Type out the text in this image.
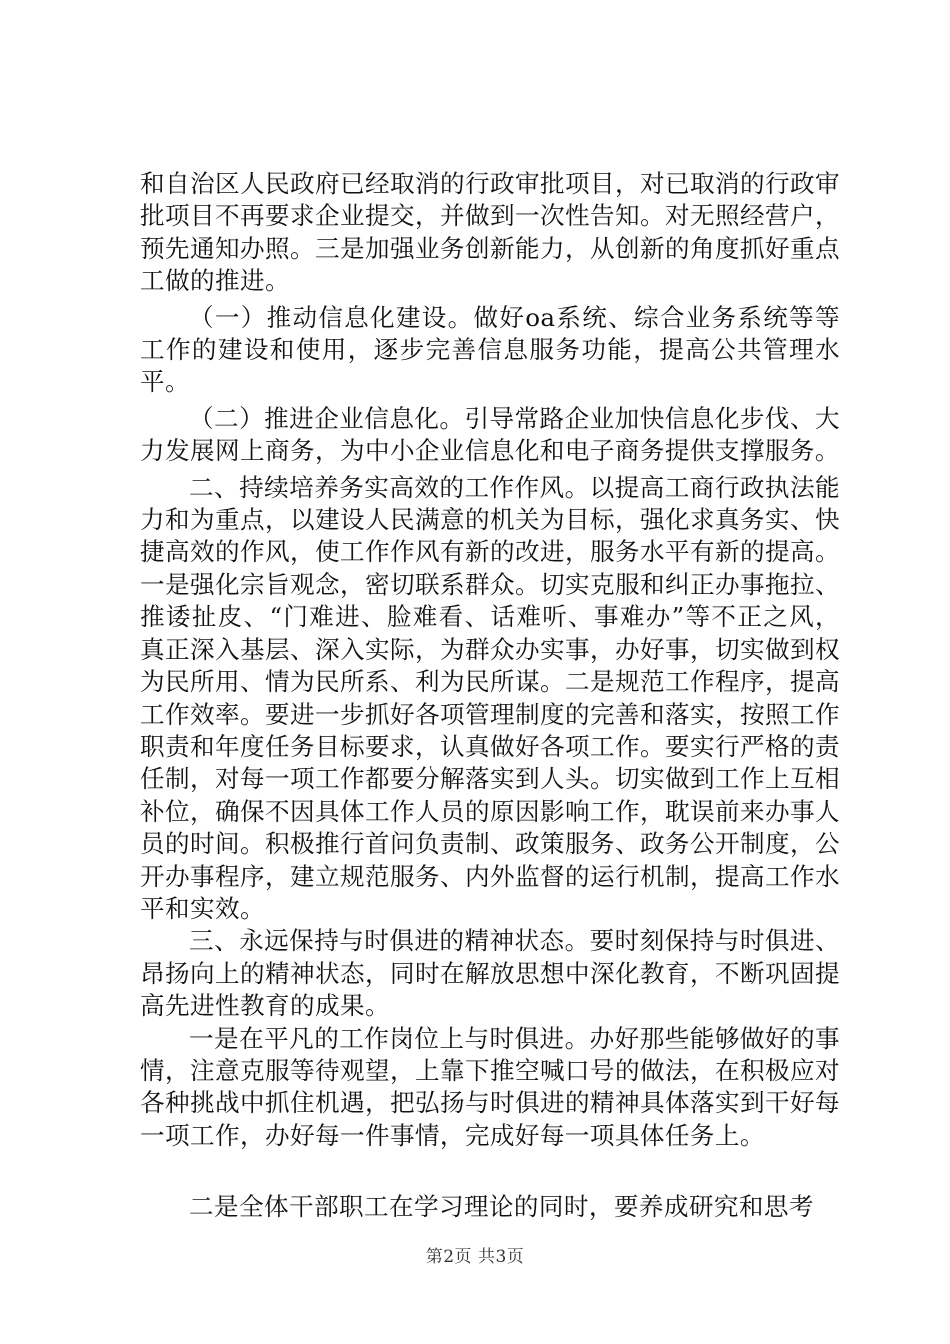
和自治区人民政府已经取消的行政审批项目，对已取消的行政审批项目不再要求企业提交，并做到一次性告知。对无照经营户，预先通知办照。三是加强业务创新能力，从创新的角度抓好重点工做的推进。

（一）推动信息化建设。做好oa系统、综合业务系统等等工作的建设和使用，逐步完善信息服务功能，提高公共管理水平。

（二）推进企业信息化。引导常路企业加快信息化步伐、大力发展网上商务，为中小企业信息化和电子商务提供支撑服务。

二、持续培养务实高效的工作作风。以提高工商行政执法能力和为重点，以建设人民满意的机关为目标，强化求真务实、快捷高效的作风，使工作作风有新的改进，服务水平有新的提高。一是强化宗旨观念，密切联系群众。切实克服和纠正办事拖拉、推诿扯皮、“门难进、脸难看、话难听、事难办”等不正之风，真正深入基层、深入实际，为群众办实事，办好事，切实做到权为民所用、情为民所系、利为民所谋。二是规范工作程序，提高工作效率。要进一步抓好各项管理制度的完善和落实，按照工作职责和年度任务目标要求，认真做好各项工作。要实行严格的责任制，对每一项工作都要分解落实到人头。切实做到工作上互相补位，确保不因具体工作人员的原因影响工作，耽误前来办事人员的时间。积极推行首问负责制、政策服务、政务公开制度，公开办事程序，建立规范服务、内外监督的运行机制，提高工作水平和实效。

三、永远保持与时俱进的精神状态。要时刻保持与时俱进、昂扬向上的精神状态，同时在解放思想中深化教育，不断巩固提高先进性教育的成果。

一是在平凡的工作岗位上与时俱进。办好那些能够做好的事情，注意克服等待观望，上靠下推空喊口号的做法，在积极应对各种挑战中抓住机遇，把弘扬与时俱进的精神具体落实到干好每一项工作，办好每一件事情，完成好每一项具体任务上。

二是全体干部职工在学习理论的同时，要养成研究和思考

第2页 共3页
